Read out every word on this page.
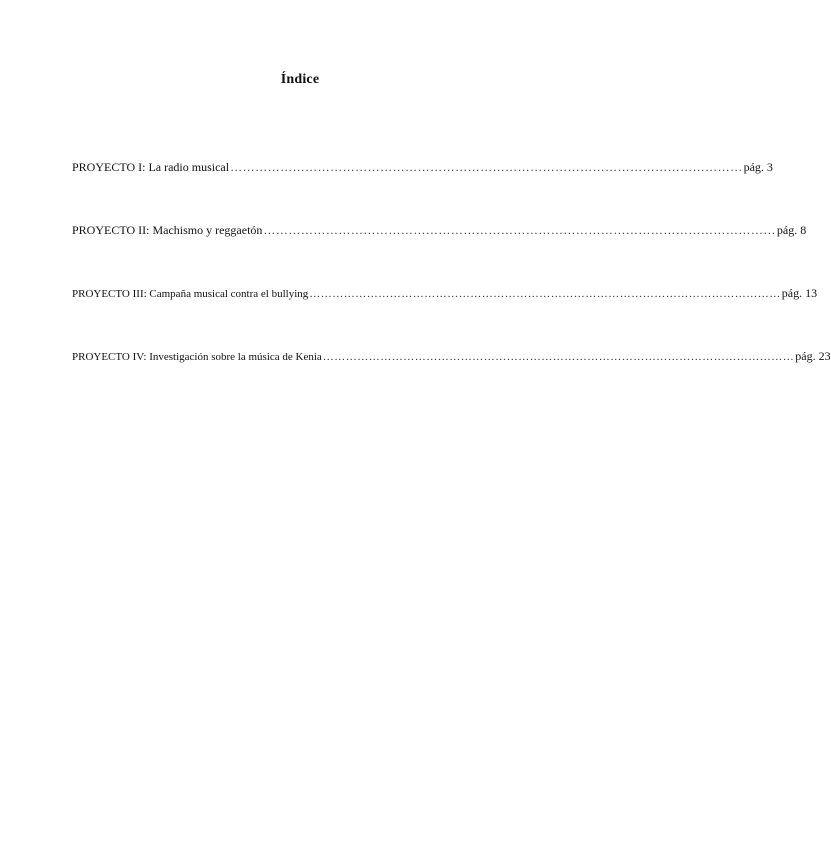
Índice
PROYECTO I: La radio musical …………………………………………………………………………………………………………… pág. 3
PROYECTO II: Machismo y reggaetón …………………………………………………………………………………………………………… pág. 8
PROYECTO III: Campaña musical contra el bullying …………………………………………………………………………………………………………… pág. 13
PROYECTO IV: Investigación sobre la música de Kenia …………………………………………………………………………………………………………… pág. 23
